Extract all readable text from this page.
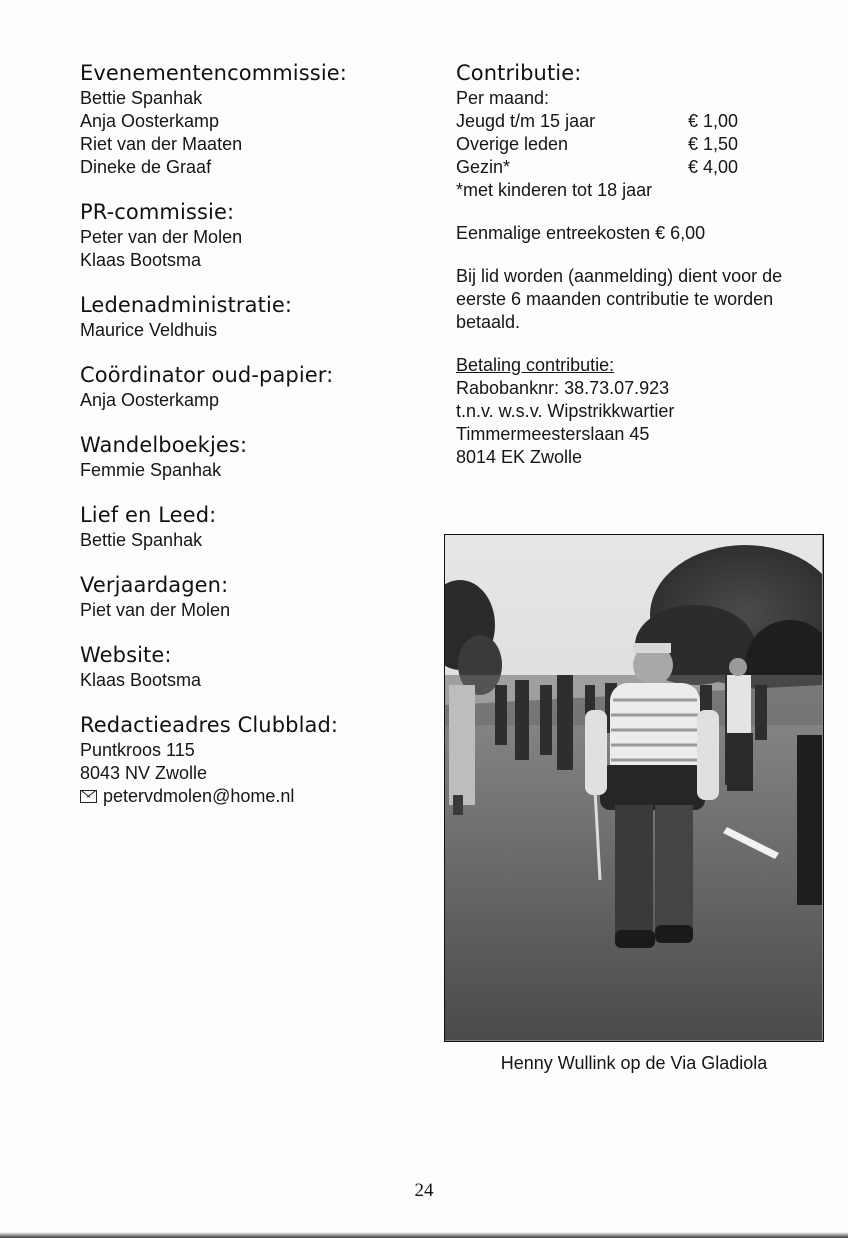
Evenementencommissie:
Bettie Spanhak
Anja Oosterkamp
Riet van der Maaten
Dineke de Graaf
PR-commissie:
Peter van der Molen
Klaas Bootsma
Ledenadministratie:
Maurice Veldhuis
Coördinator oud-papier:
Anja Oosterkamp
Wandelboekjes:
Femmie Spanhak
Lief en Leed:
Bettie Spanhak
Verjaardagen:
Piet van der Molen
Website:
Klaas Bootsma
Redactieadres Clubblad:
Puntkroos 115
8043 NV Zwolle
petervdmolen@home.nl
Contributie:
Per maand:
Jeugd t/m 15 jaar	€ 1,00
Overige leden	€ 1,50
Gezin*	€ 4,00
*met kinderen tot 18 jaar

Eenmalige entreekosten € 6,00

Bij lid worden (aanmelding) dient voor de eerste 6 maanden contributie te worden betaald.

Betaling contributie:
Rabobanknr: 38.73.07.923
t.n.v. w.s.v. Wipstrikkwartier
Timmermeesterslaan 45
8014 EK Zwolle
Henny Wullink op de Via Gladiola
24
